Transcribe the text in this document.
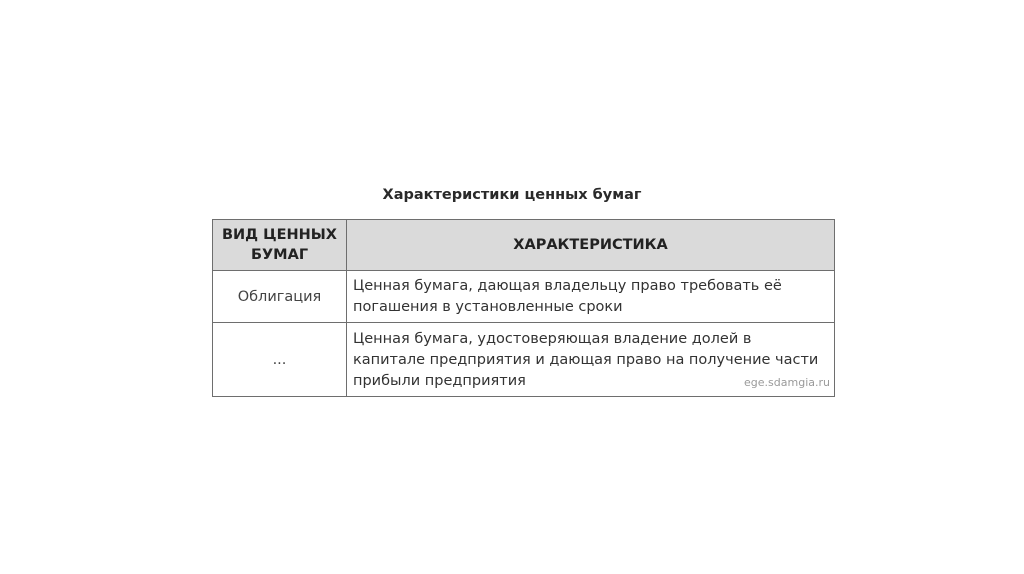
Характеристики ценных бумаг
ВИД ЦЕННЫХ БУМАГ	ХАРАКТЕРИСТИКА
Облигация	Ценная бумага, дающая владельцу право требовать её погашения в установленные сроки
...	Ценная бумага, удостоверяющая владение долей в капитале предприятия и дающая право на получение части прибыли предприятия ege.sdamgia.ru
